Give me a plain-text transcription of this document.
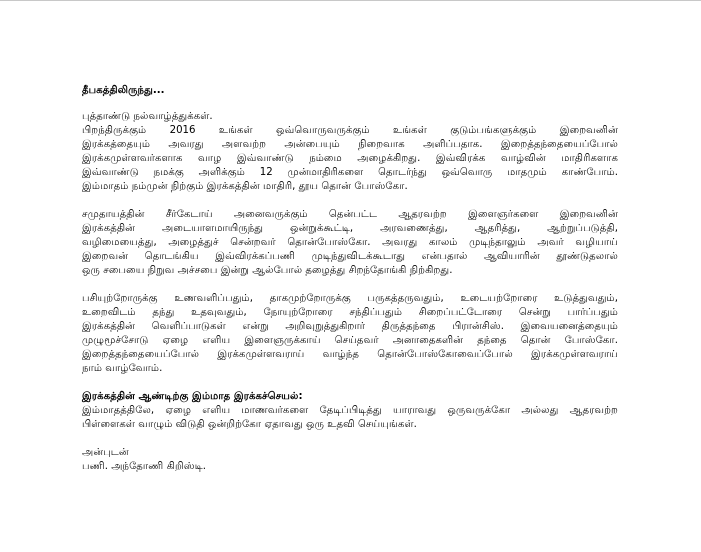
தீபகத்திலிருந்து...
புத்தாண்டு நல்வாழ்த்துக்கள்.
பிறந்திருக்கும் 2016 உங்கள் ஒவ்வொருவருக்கும் உங்கள் குடும்பங்களுக்கும் இறைவனின்
இரக்கத்தையும் அவரது அளவற்ற அன்பையும் நிறைவாக அளிப்பதாக. இறைத்தந்தையைப்போல்
இரக்கமுள்ளவர்களாக வாழ இவ்வாண்டு நம்மை அழைக்கிறது. இவ்விரக்க வாழ்வின் மாதிரிகளாக
இவ்வாண்டு நமக்கு அளிக்கும் 12 முன்மாதிரிகளை தொடர்ந்து ஒவ்வொரு மாதமும் காண்போம்.
இம்மாதம் நம்முன் நிற்கும் இரக்கத்தின் மாதிரி, தூய தொன் போஸ்கோ.
சமுதாயத்தின் சீர்கேடாய் அனைவருக்கும் தென்பட்ட ஆதரவற்ற இளைஞர்களை இறைவனின்
இரக்கத்தின் அடையாளமாயிருந்து ஒன்றுக்கூட்டி, அரவணைத்து, ஆதரித்து, ஆற்றுப்படுத்தி,
வழிமையைத்து, அழைத்துச் சென்றவர் தொன்போஸ்கோ. அவரது காலம் முடிந்தாலும் அவர் வழியாய்
இறைவன் தொடங்கிய இவ்விரக்கப்பணி முடிந்துவிடக்கூடாது என்பதால் ஆவியாரின் தூண்டுதலால்
ஒரு சபையை நிறுவ அச்சபை இன்று ஆல்போல் தழைத்து சிறந்தோங்கி நிற்கிறது.
பசியுற்றோருக்கு உணவளிப்பதும், தாகமுற்றோருக்கு பருகத்தருவதும், உடையற்றோரை உடுத்துவதும்,
உறைவிடம் தந்து உதவுவதும், நோயுற்றோரை சந்திப்பதும் சிறைப்பட்டோரை சென்று பார்ப்பதும்
இரக்கத்தின் வெளிப்பாடுகள் என்று அறிவுறுத்துகிறார் திருத்தந்தை பிரான்சிஸ். இவையனைத்தையும்
முழுமூச்சோடு ஏழை எளிய இளைஞருக்காய் செய்தவர் அனாதைகளின் தந்தை தொன் போஸ்கோ.
இறைத்தந்தையைப்போல் இரக்கமுள்ளவராய் வாழ்ந்த தொன்போஸ்கோவைப்போல் இரக்கமுள்ளவராய்
நாம் வாழ்வோம்.
இரக்கத்தின் ஆண்டிற்கு இம்மாத இரக்கச்செயல்:
இம்மாதத்திலே, ஏழை எளிய மாணவர்களை தேடிப்பிடித்து யாராவது ஒருவருக்கோ அல்லது ஆதரவற்ற
பிள்ளைகள் வாழும் விடுதி ஒன்றிற்கோ ஏதாவது ஒரு உதவி செய்யுங்கள்.
அன்புடன்
பணி. அந்தோணி கிறிஸ்டி.
